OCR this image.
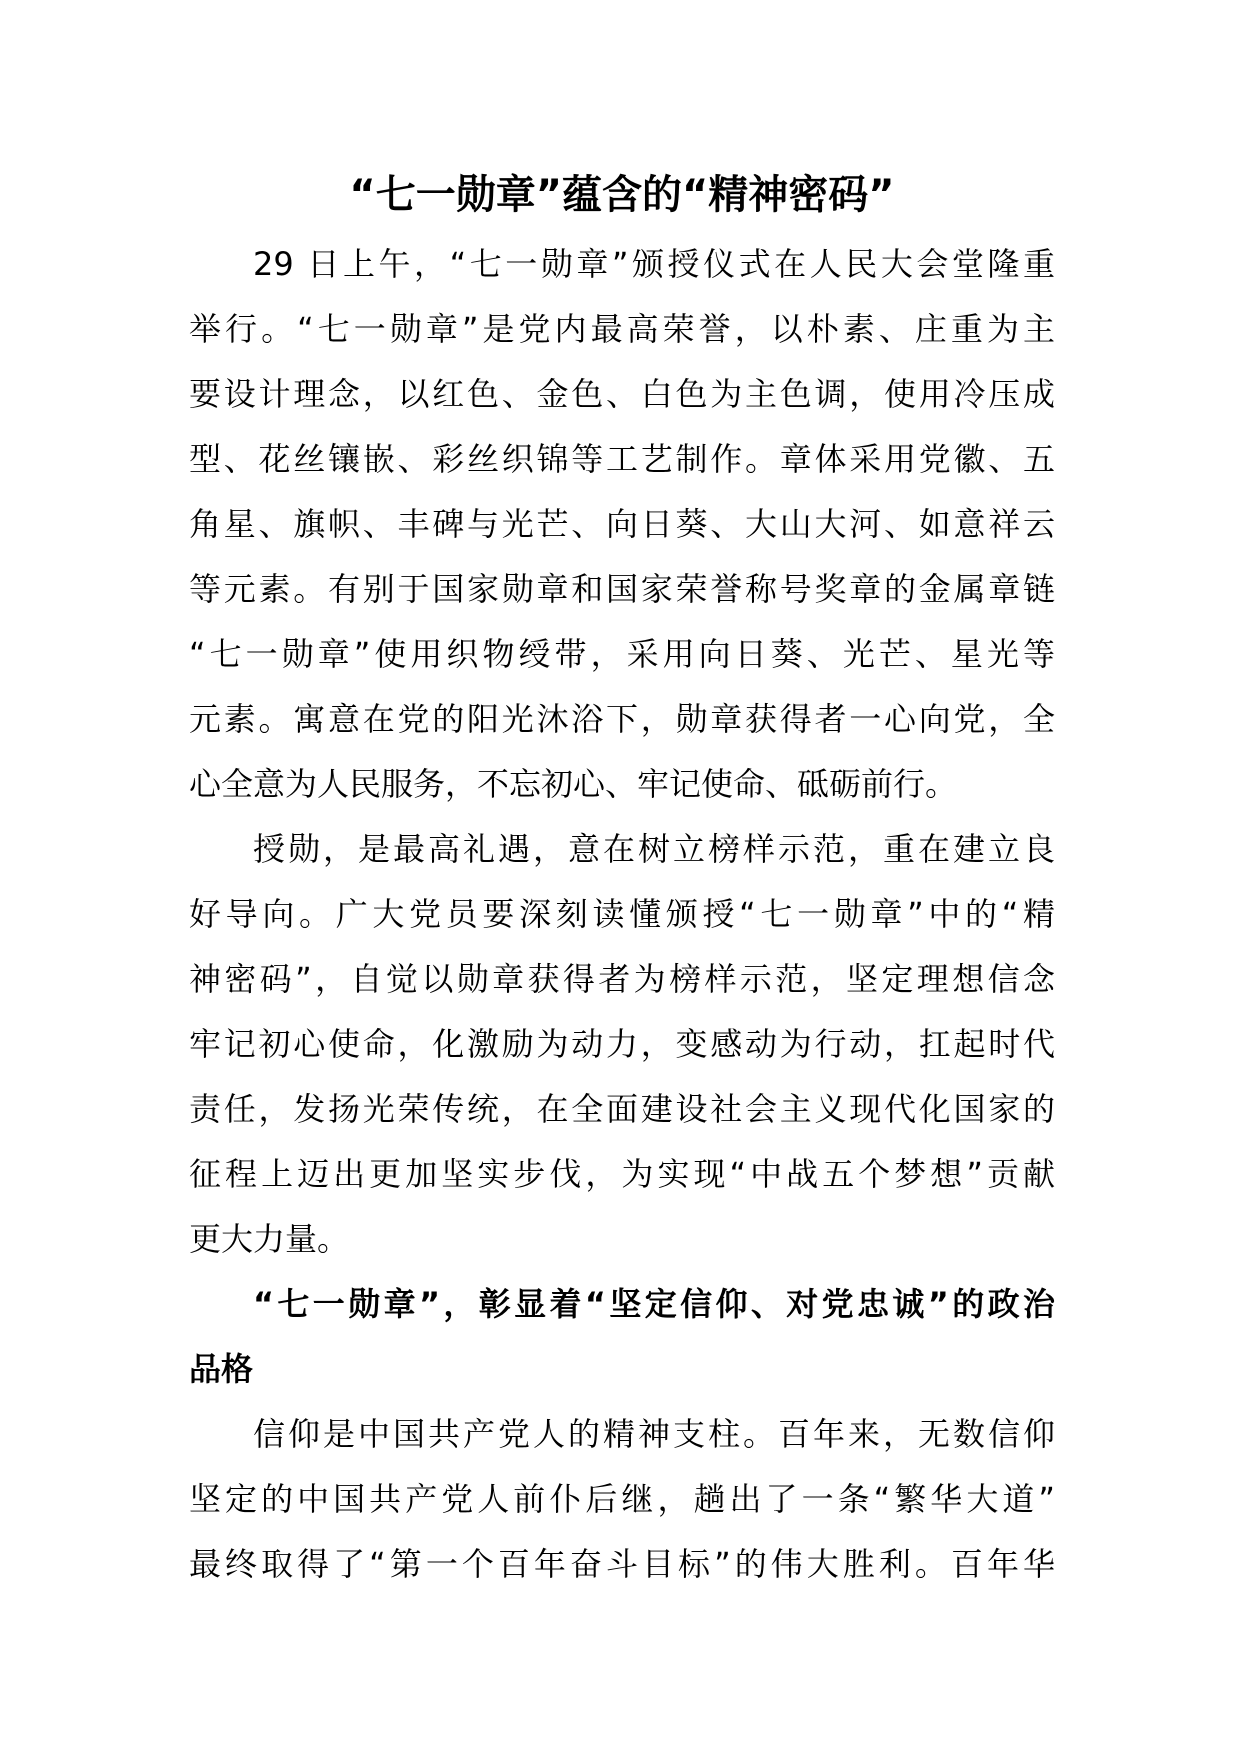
“七一勋章”蕴含的“精神密码”
29 日上午，“七一勋章”颁授仪式在人民大会堂隆重
举行。“七一勋章”是党内最高荣誉，以朴素、庄重为主
要设计理念，以红色、金色、白色为主色调，使用冷压成
型、花丝镶嵌、彩丝织锦等工艺制作。章体采用党徽、五
角星、旗帜、丰碑与光芒、向日葵、大山大河、如意祥云
等元素。有别于国家勋章和国家荣誉称号奖章的金属章链
“七一勋章”使用织物绶带，采用向日葵、光芒、星光等
元素。寓意在党的阳光沐浴下，勋章获得者一心向党，全
心全意为人民服务，不忘初心、牢记使命、砥砺前行。
授勋，是最高礼遇，意在树立榜样示范，重在建立良
好导向。广大党员要深刻读懂颁授“七一勋章”中的“精
神密码”，自觉以勋章获得者为榜样示范，坚定理想信念
牢记初心使命，化激励为动力，变感动为行动，扛起时代
责任，发扬光荣传统，在全面建设社会主义现代化国家的
征程上迈出更加坚实步伐，为实现“中战五个梦想”贡献
更大力量。
“七一勋章”，彰显着“坚定信仰、对党忠诚”的政治
品格
信仰是中国共产党人的精神支柱。百年来，无数信仰
坚定的中国共产党人前仆后继，趟出了一条“繁华大道”
最终取得了“第一个百年奋斗目标”的伟大胜利。百年华
